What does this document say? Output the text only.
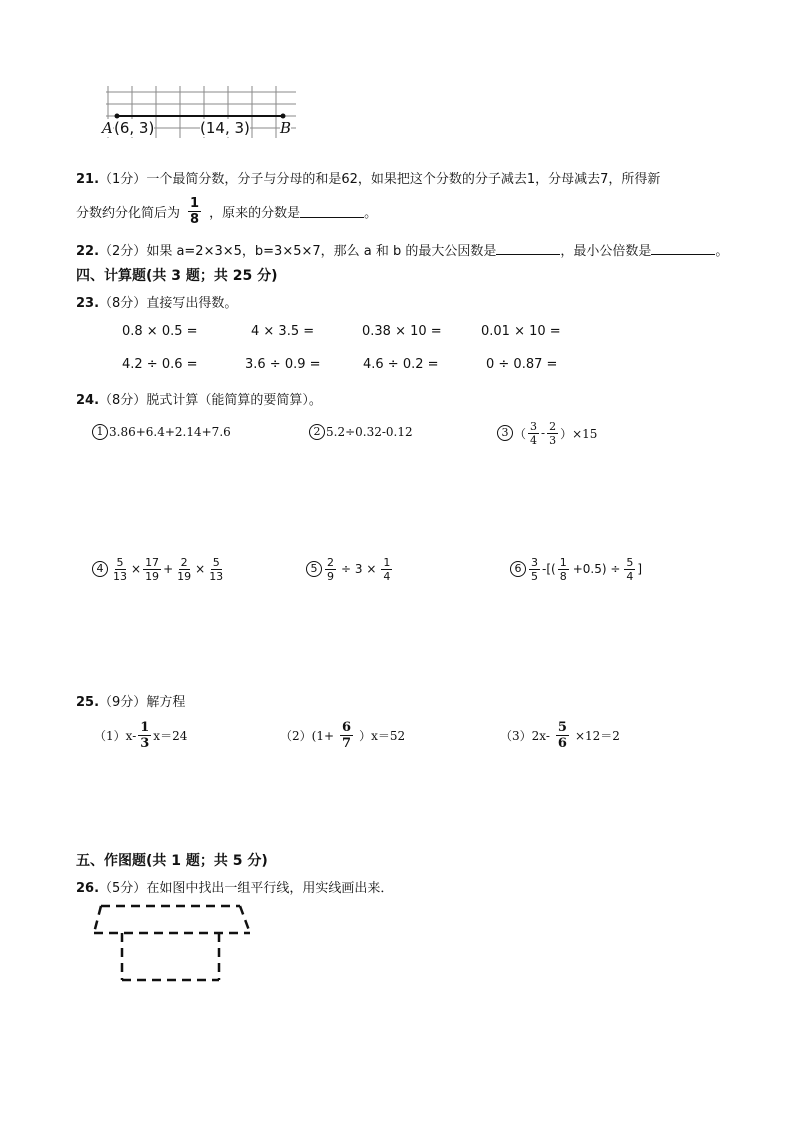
A (6, 3)	(14, 3) B
21.（1分）一个最简分数，分子与分母的和是62，如果把这个分数的分子减去1，分母减去7，所得新
分数约分化简后为 $\frac{1}{8}$ ，原来的分数是	。
22.（2分）如果 a=2×3×5，b=3×5×7，那么 a 和 b 的最大公因数是	，最小公倍数是	。
四、计算题(共 3 题；共 25 分)
23.（8分）直接写出得数。
0.8 × 0.5 =	4 × 3.5 =	0.38 × 10 =	0.01 × 10 =
4.2 ÷ 0.6 =	3.6 ÷ 0.9 =	4.6 ÷ 0.2 =	0 ÷ 0.87 =
24.（8分）脱式计算（能简算的要简算）。
1 3.86+6.4+2.14+7.6	2 5.2÷0.32-0.12	3 （ $\frac{3}{4} - \frac{2}{3} )\times 15$
$4 \frac{5}{13} \times \frac{17}{19} + \frac{2}{19} \times \frac{5}{13}$	$5 \frac{2}{9} \div 3 \times \frac{1}{4}$	$6 \frac{3}{5}$ -[( $\frac{1}{8} +0.5) \div \frac{5}{4}$ ]
25.（9分）解方程
$(1)x- \frac{1}{3} x=24$	$(2)(1+ \frac{6}{7} )x=52$	$(3)2x- \frac{5}{6} \times 12=2$
五、作图题(共 1 题；共 5 分)
26.（5分）在如图中找出一组平行线，用实线画出来．
